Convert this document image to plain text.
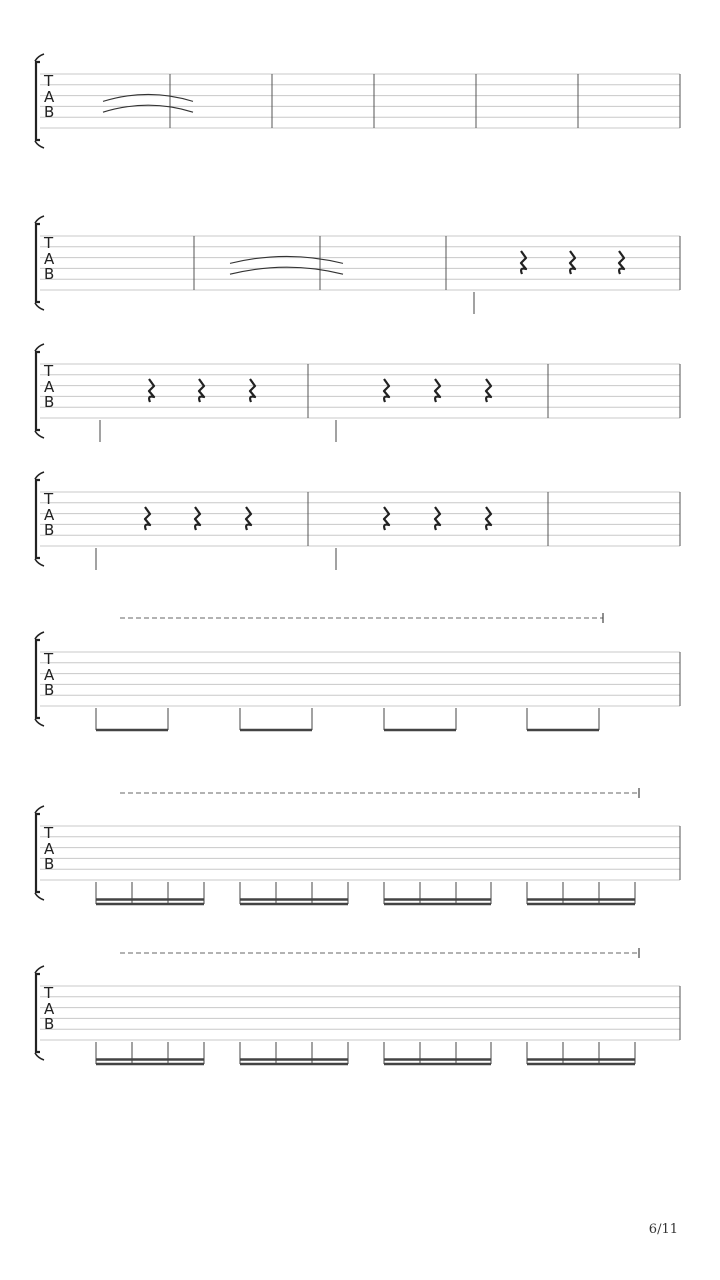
T
A
B
T
A
B
T
A
B
T
A
B
T
A
B
T
A
B
T
A
B
6/11
